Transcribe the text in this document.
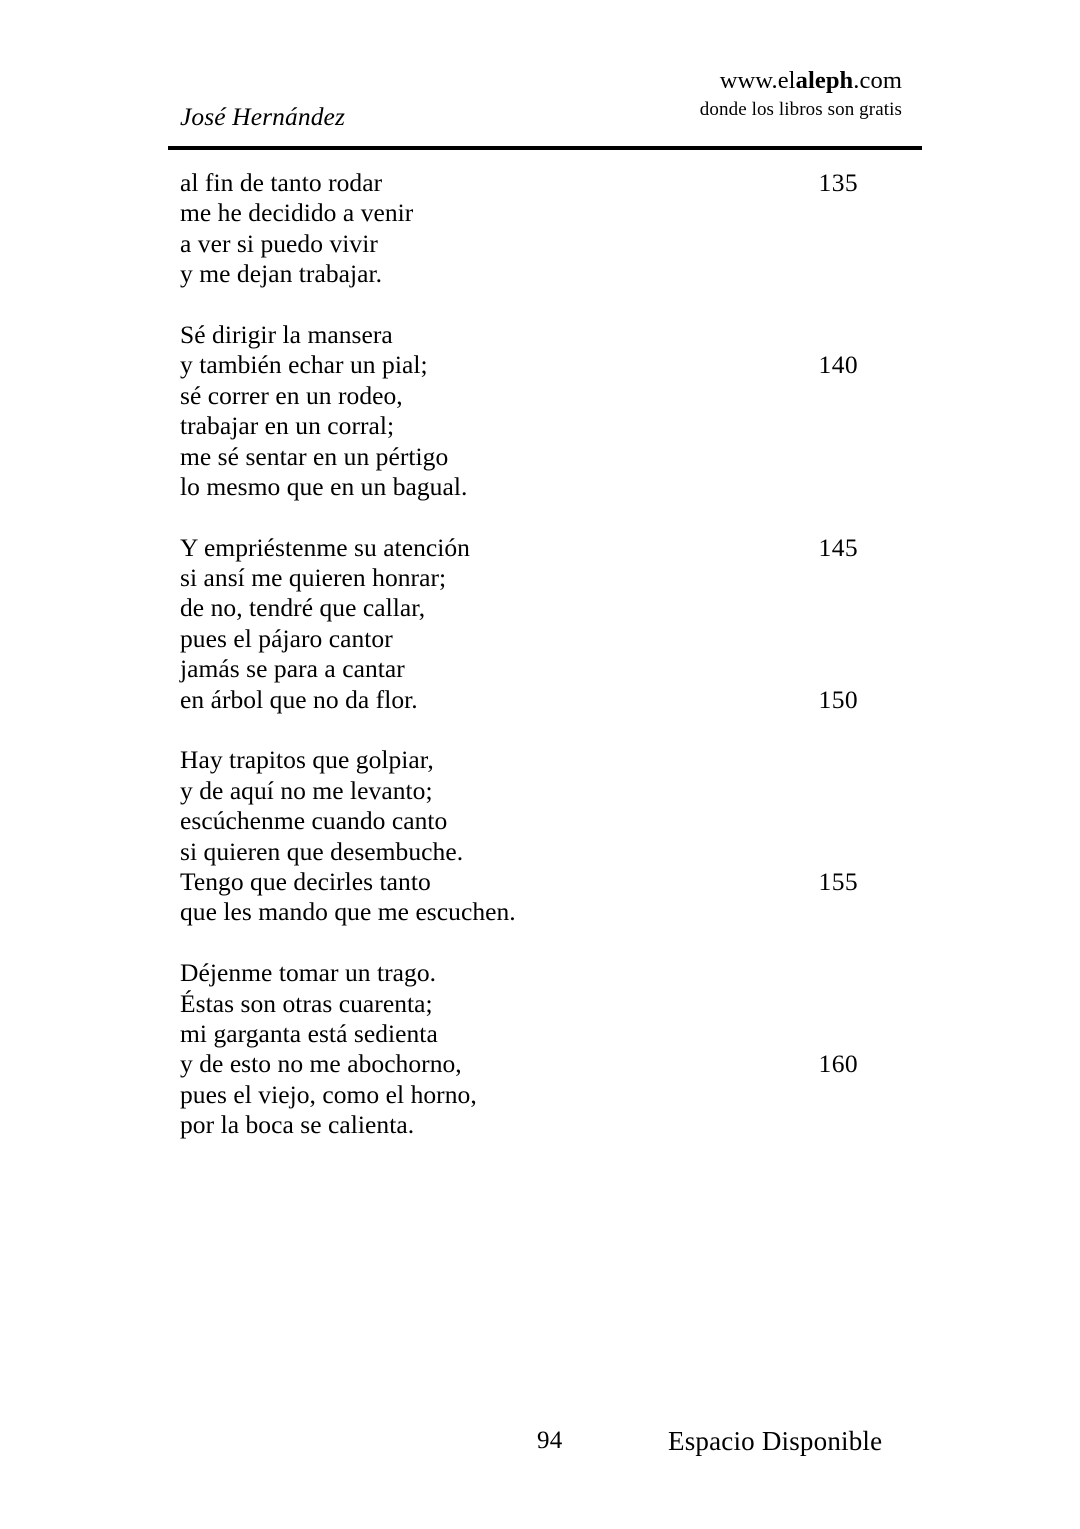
José Hernández
www.elaleph.com
donde los libros son gratis
al fin de tanto rodar	135
me he decidido a venir
a ver si puedo vivir
y me dejan trabajar.
Sé dirigir la mansera
y también echar un pial;	140
sé correr en un rodeo,
trabajar en un corral;
me sé sentar en un pértigo
lo mesmo que en un bagual.
Y empriéstenme su atención	145
si ansí me quieren honrar;
de no, tendré que callar,
pues el pájaro cantor
jamás se para a cantar
en árbol que no da flor.	150
Hay trapitos que golpiar,
y de aquí no me levanto;
escúchenme cuando canto
si quieren que desembuche.
Tengo que decirles tanto	155
que les mando que me escuchen.
Déjenme tomar un trago.
Éstas son otras cuarenta;
mi garganta está sedienta
y de esto no me abochorno,	160
pues el viejo, como el horno,
por la boca se calienta.
94	Espacio Disponible
